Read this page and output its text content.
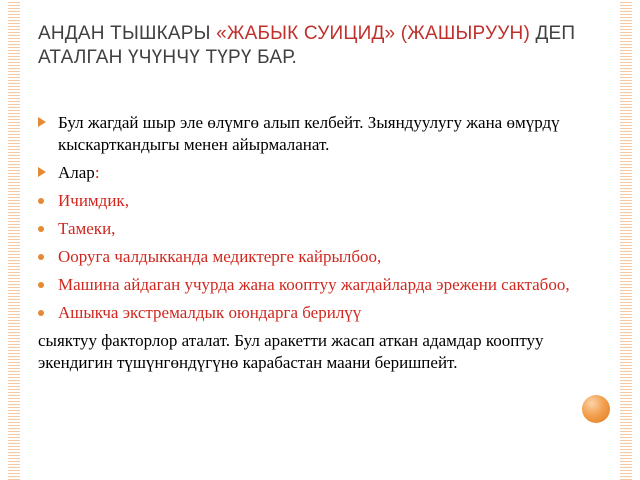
АНДАН ТЫШКАРЫ «ЖАБЫК СУИЦИД» (ЖАШЫРУУН) ДЕП АТАЛГАН ҮЧҮНЧҮ ТҮРҮ БАР.
Бул жагдай шыр эле өлүмгө алып келбейт. Зыяндуулугу жана өмүрдү кыскарткандыгы менен айырмаланат.
Алар:
Ичимдик,
Тамеки,
Ооруга чалдыкканда медиктерге кайрылбоо,
Машина айдаган учурда жана кооптуу жагдайларда эрежени сактабоо,
Ашыкча экстремалдык оюндарга берилүү
сыяктуу факторлор аталат. Бул аракетти жасап аткан адамдар кооптуу экендигин түшүнгөндүгүнө карабастан маани беришпейт.
